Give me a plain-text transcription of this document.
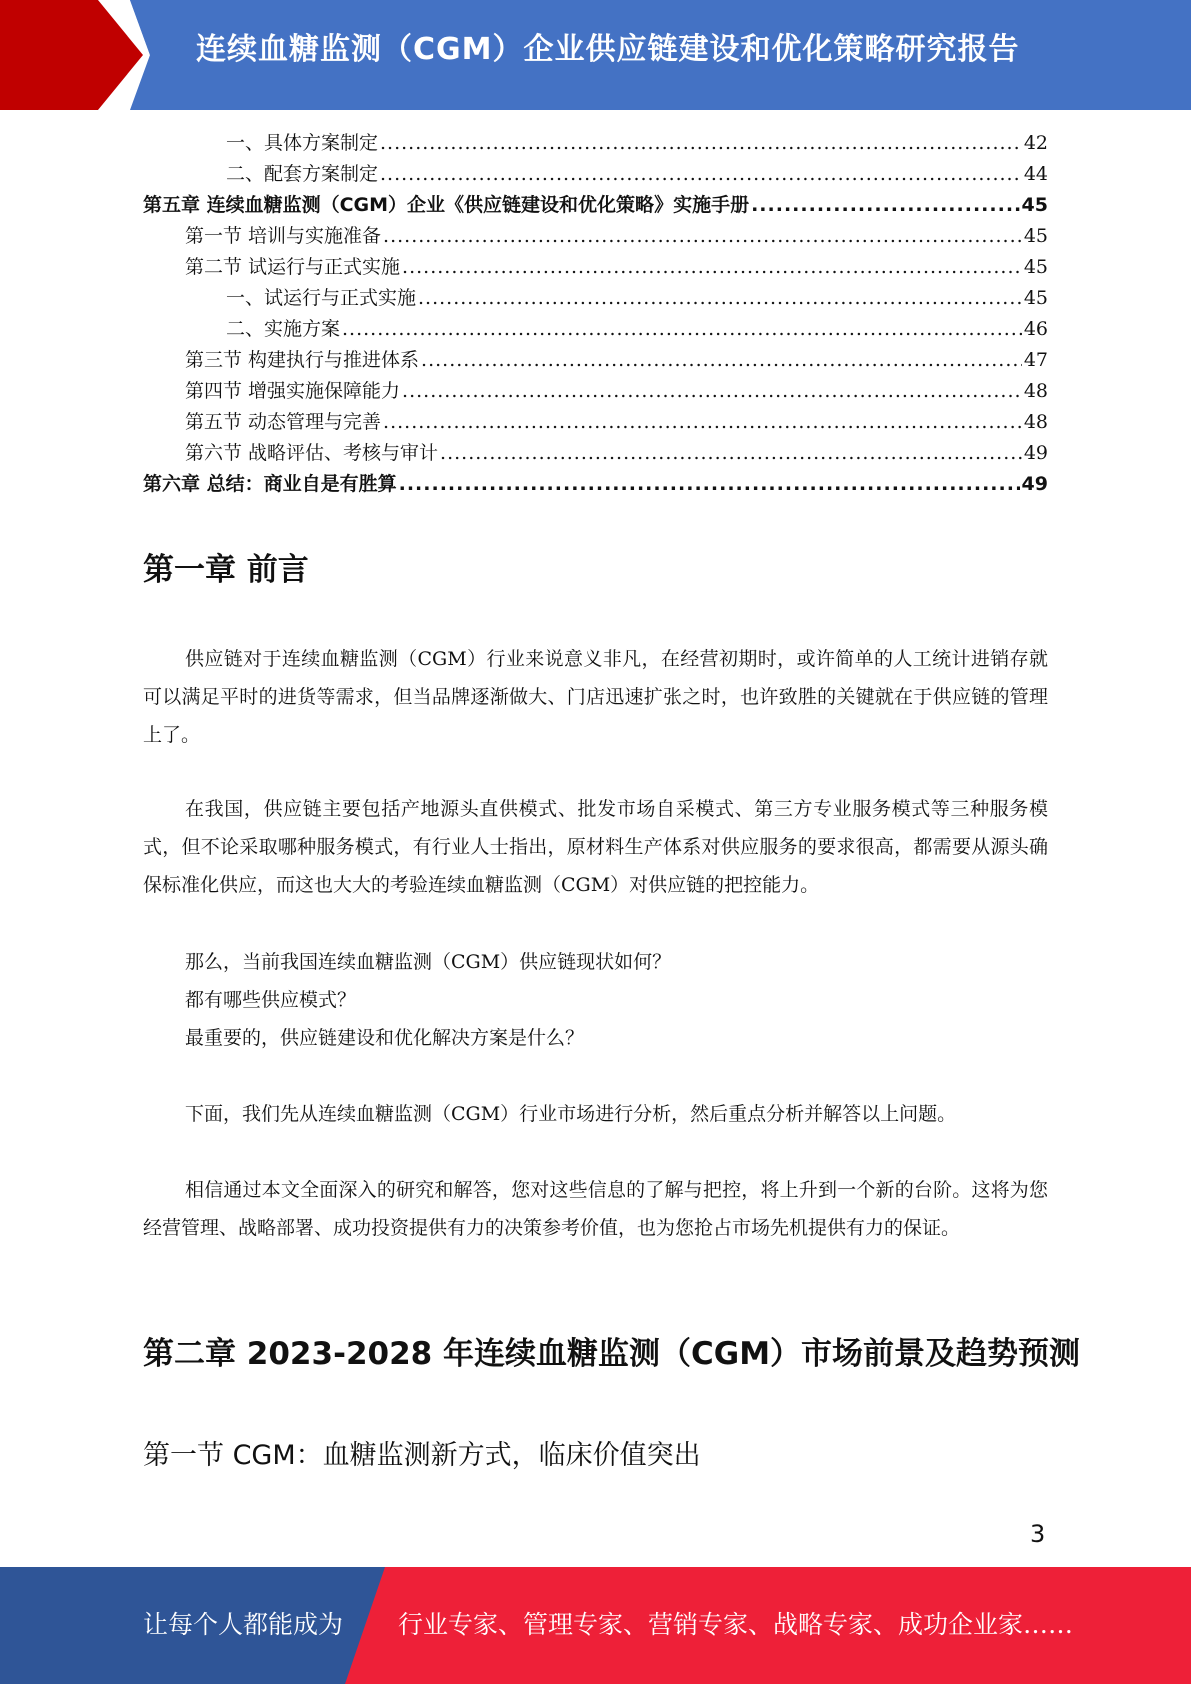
连续血糖监测（CGM）企业供应链建设和优化策略研究报告
一、具体方案制定 .....	42
二、配套方案制定 .....	44
第五章 连续血糖监测（CGM）企业《供应链建设和优化策略》实施手册 .....	45
第一节 培训与实施准备 .....	45
第二节 试运行与正式实施 .....	45
一、试运行与正式实施 .....	45
二、实施方案 .....	46
第三节 构建执行与推进体系 .....	47
第四节 增强实施保障能力 .....	48
第五节 动态管理与完善 .....	48
第六节 战略评估、考核与审计 .....	49
第六章 总结：商业自是有胜算 .....	49
第一章 前言
供应链对于连续血糖监测（CGM）行业来说意义非凡，在经营初期时，或许简单的人工统计进销存就可以满足平时的进货等需求，但当品牌逐渐做大、门店迅速扩张之时，也许致胜的关键就在于供应链的管理上了。
在我国，供应链主要包括产地源头直供模式、批发市场自采模式、第三方专业服务模式等三种服务模式，但不论采取哪种服务模式，有行业人士指出，原材料生产体系对供应服务的要求很高，都需要从源头确保标准化供应，而这也大大的考验连续血糖监测（CGM）对供应链的把控能力。
那么，当前我国连续血糖监测（CGM）供应链现状如何？
都有哪些供应模式？
最重要的，供应链建设和优化解决方案是什么？
下面，我们先从连续血糖监测（CGM）行业市场进行分析，然后重点分析并解答以上问题。
相信通过本文全面深入的研究和解答，您对这些信息的了解与把控，将上升到一个新的台阶。这将为您经营管理、战略部署、成功投资提供有力的决策参考价值，也为您抢占市场先机提供有力的保证。
第二章 2023-2028 年连续血糖监测（CGM）市场前景及趋势预测
第一节 CGM：血糖监测新方式，临床价值突出
3
让每个人都能成为 行业专家、管理专家、营销专家、战略专家、成功企业家……
